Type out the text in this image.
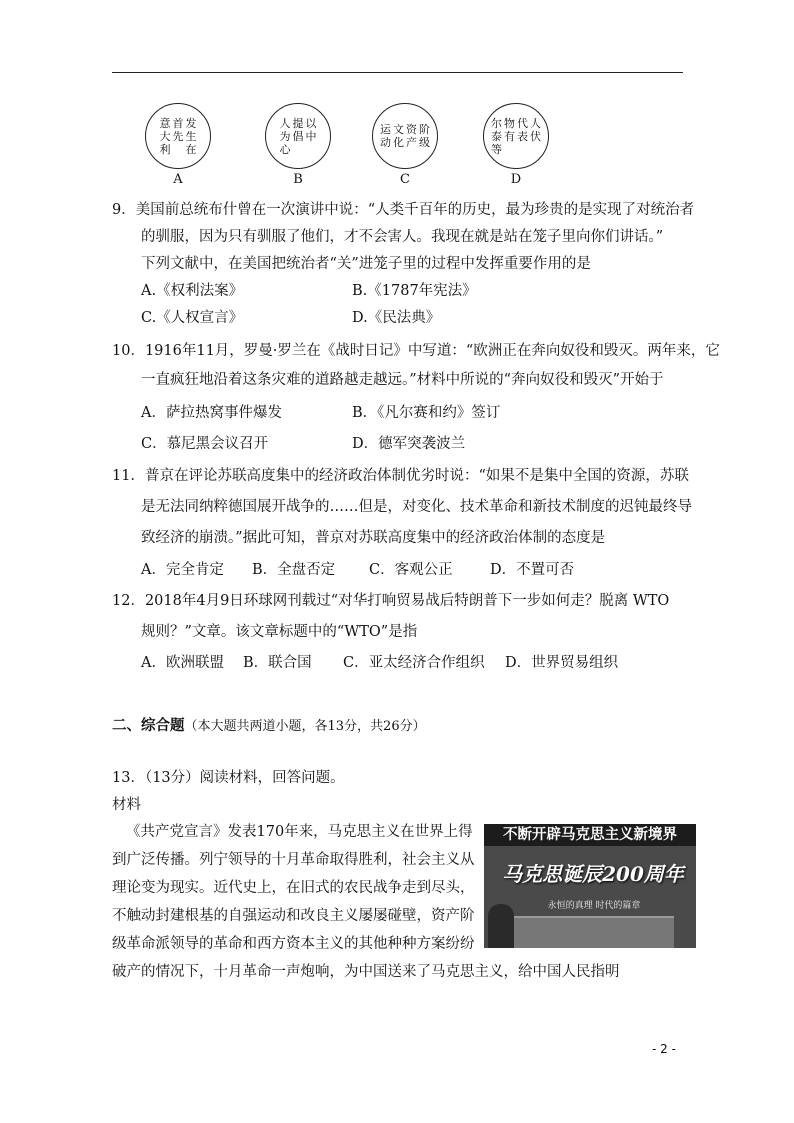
发
生
在
首
先
意
大
利
以
中
提
倡
人
为
心
阶
级
资
产
文
化
运
动
人
伏
代
表
物
有
尔
泰
等
A	B	C	D
9．美国前总统布什曾在一次演讲中说：“人类千百年的历史，最为珍贵的是实现了对统治者
的驯服，因为只有驯服了他们，才不会害人。我现在就是站在笼子里向你们讲话。”
下列文献中，在美国把统治者“关”进笼子里的过程中发挥重要作用的是
A.《权利法案》	B.《1787年宪法》
C.《人权宣言》	D.《民法典》
10．1916年11月，罗曼·罗兰在《战时日记》中写道：“欧洲正在奔向奴役和毁灭。两年来，它
一直疯狂地沿着这条灾难的道路越走越远。”材料中所说的“奔向奴役和毁灭”开始于
A．萨拉热窝事件爆发	B．《凡尔赛和约》签订
C．慕尼黑会议召开	D．德军突袭波兰
11．普京在评论苏联高度集中的经济政治体制优劣时说：“如果不是集中全国的资源，苏联
是无法同纳粹德国展开战争的……但是，对变化、技术革命和新技术制度的迟钝最终导
致经济的崩溃。”据此可知，普京对苏联高度集中的经济政治体制的态度是
A．完全肯定 B．全盘否定 C．客观公正	D．不置可否
12．2018年4月9日环球网刊载过“对华打响贸易战后特朗普下一步如何走？脱离 WTO
规则？”文章。该文章标题中的“WTO”是指
A．欧洲联盟 B．联合国 C．亚太经济合作组织 D．世界贸易组织
二、综合题（本大题共两道小题，各13分，共26分）
13．（13分）阅读材料，回答问题。
材料
《共产党宣言》发表170年来，马克思主义在世界上得
到广泛传播。列宁领导的十月革命取得胜利，社会主义从
理论变为现实。近代史上，在旧式的农民战争走到尽头，
不触动封建根基的自强运动和改良主义屡屡碰壁，资产阶
级革命派领导的革命和西方资本主义的其他种种方案纷纷
破产的情况下，十月革命一声炮响，为中国送来了马克思主义，给中国人民指明
不断开辟马克思主义新境界
马克思诞辰200周年
永恒的真理 时代的篇章
- 2 -
